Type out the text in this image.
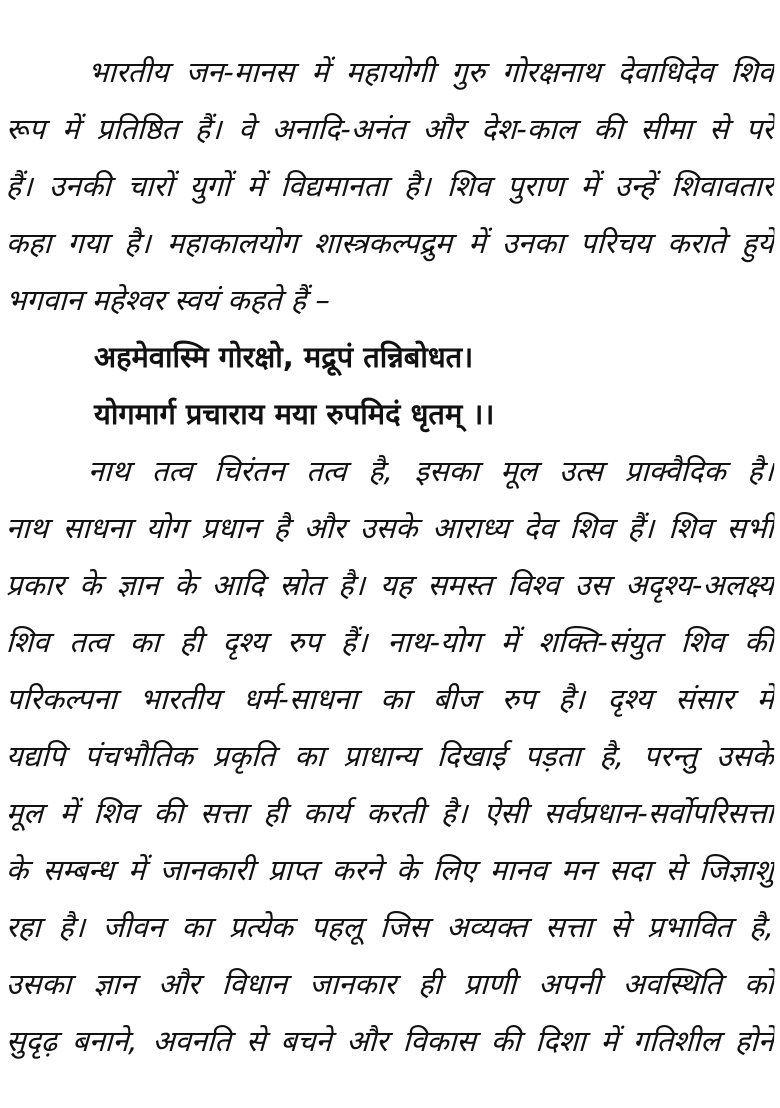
भारतीय जन-मानस में महायोगी गुरु गोरक्षनाथ देवाधिदेव शिव
रूप में प्रतिष्ठित हैं। वे अनादि-अनंत और देश-काल की सीमा से परे
हैं। उनकी चारों युगों में विद्यमानता है। शिव पुराण में उन्हें शिवावतार
कहा गया है। महाकालयोग शास्त्रकल्पद्रुम में उनका परिचय कराते हुये
भगवान महेश्वर स्वयं कहते हैं –
अहमेवास्मि गोरक्षो, मद्रूपं तन्निबोधत।
योगमार्ग प्रचाराय मया रुपमिदं धृतम् ।।
नाथ तत्व चिरंतन तत्व है, इसका मूल उत्स प्राक्वैदिक है।
नाथ साधना योग प्रधान है और उसके आराध्य देव शिव हैं। शिव सभी
प्रकार के ज्ञान के आदि स्रोत है। यह समस्त विश्व उस अदृश्य-अलक्ष्य
शिव तत्व का ही दृश्य रुप हैं। नाथ-योग में शक्ति-संयुत शिव की
परिकल्पना भारतीय धर्म-साधना का बीज रुप है। दृश्य संसार में
यद्यपि पंचभौतिक प्रकृति का प्राधान्य दिखाई पड़ता है, परन्तु उसके
मूल में शिव की सत्ता ही कार्य करती है। ऐसी सर्वप्रधान-सर्वोपरिसत्ता
के सम्बन्ध में जानकारी प्राप्त करने के लिए मानव मन सदा से जिज्ञाशु
रहा है। जीवन का प्रत्येक पहलू जिस अव्यक्त सत्ता से प्रभावित है,
उसका ज्ञान और विधान जानकार ही प्राणी अपनी अवस्थिति को
सुदृढ़ बनाने, अवनति से बचने और विकास की दिशा में गतिशील होने
